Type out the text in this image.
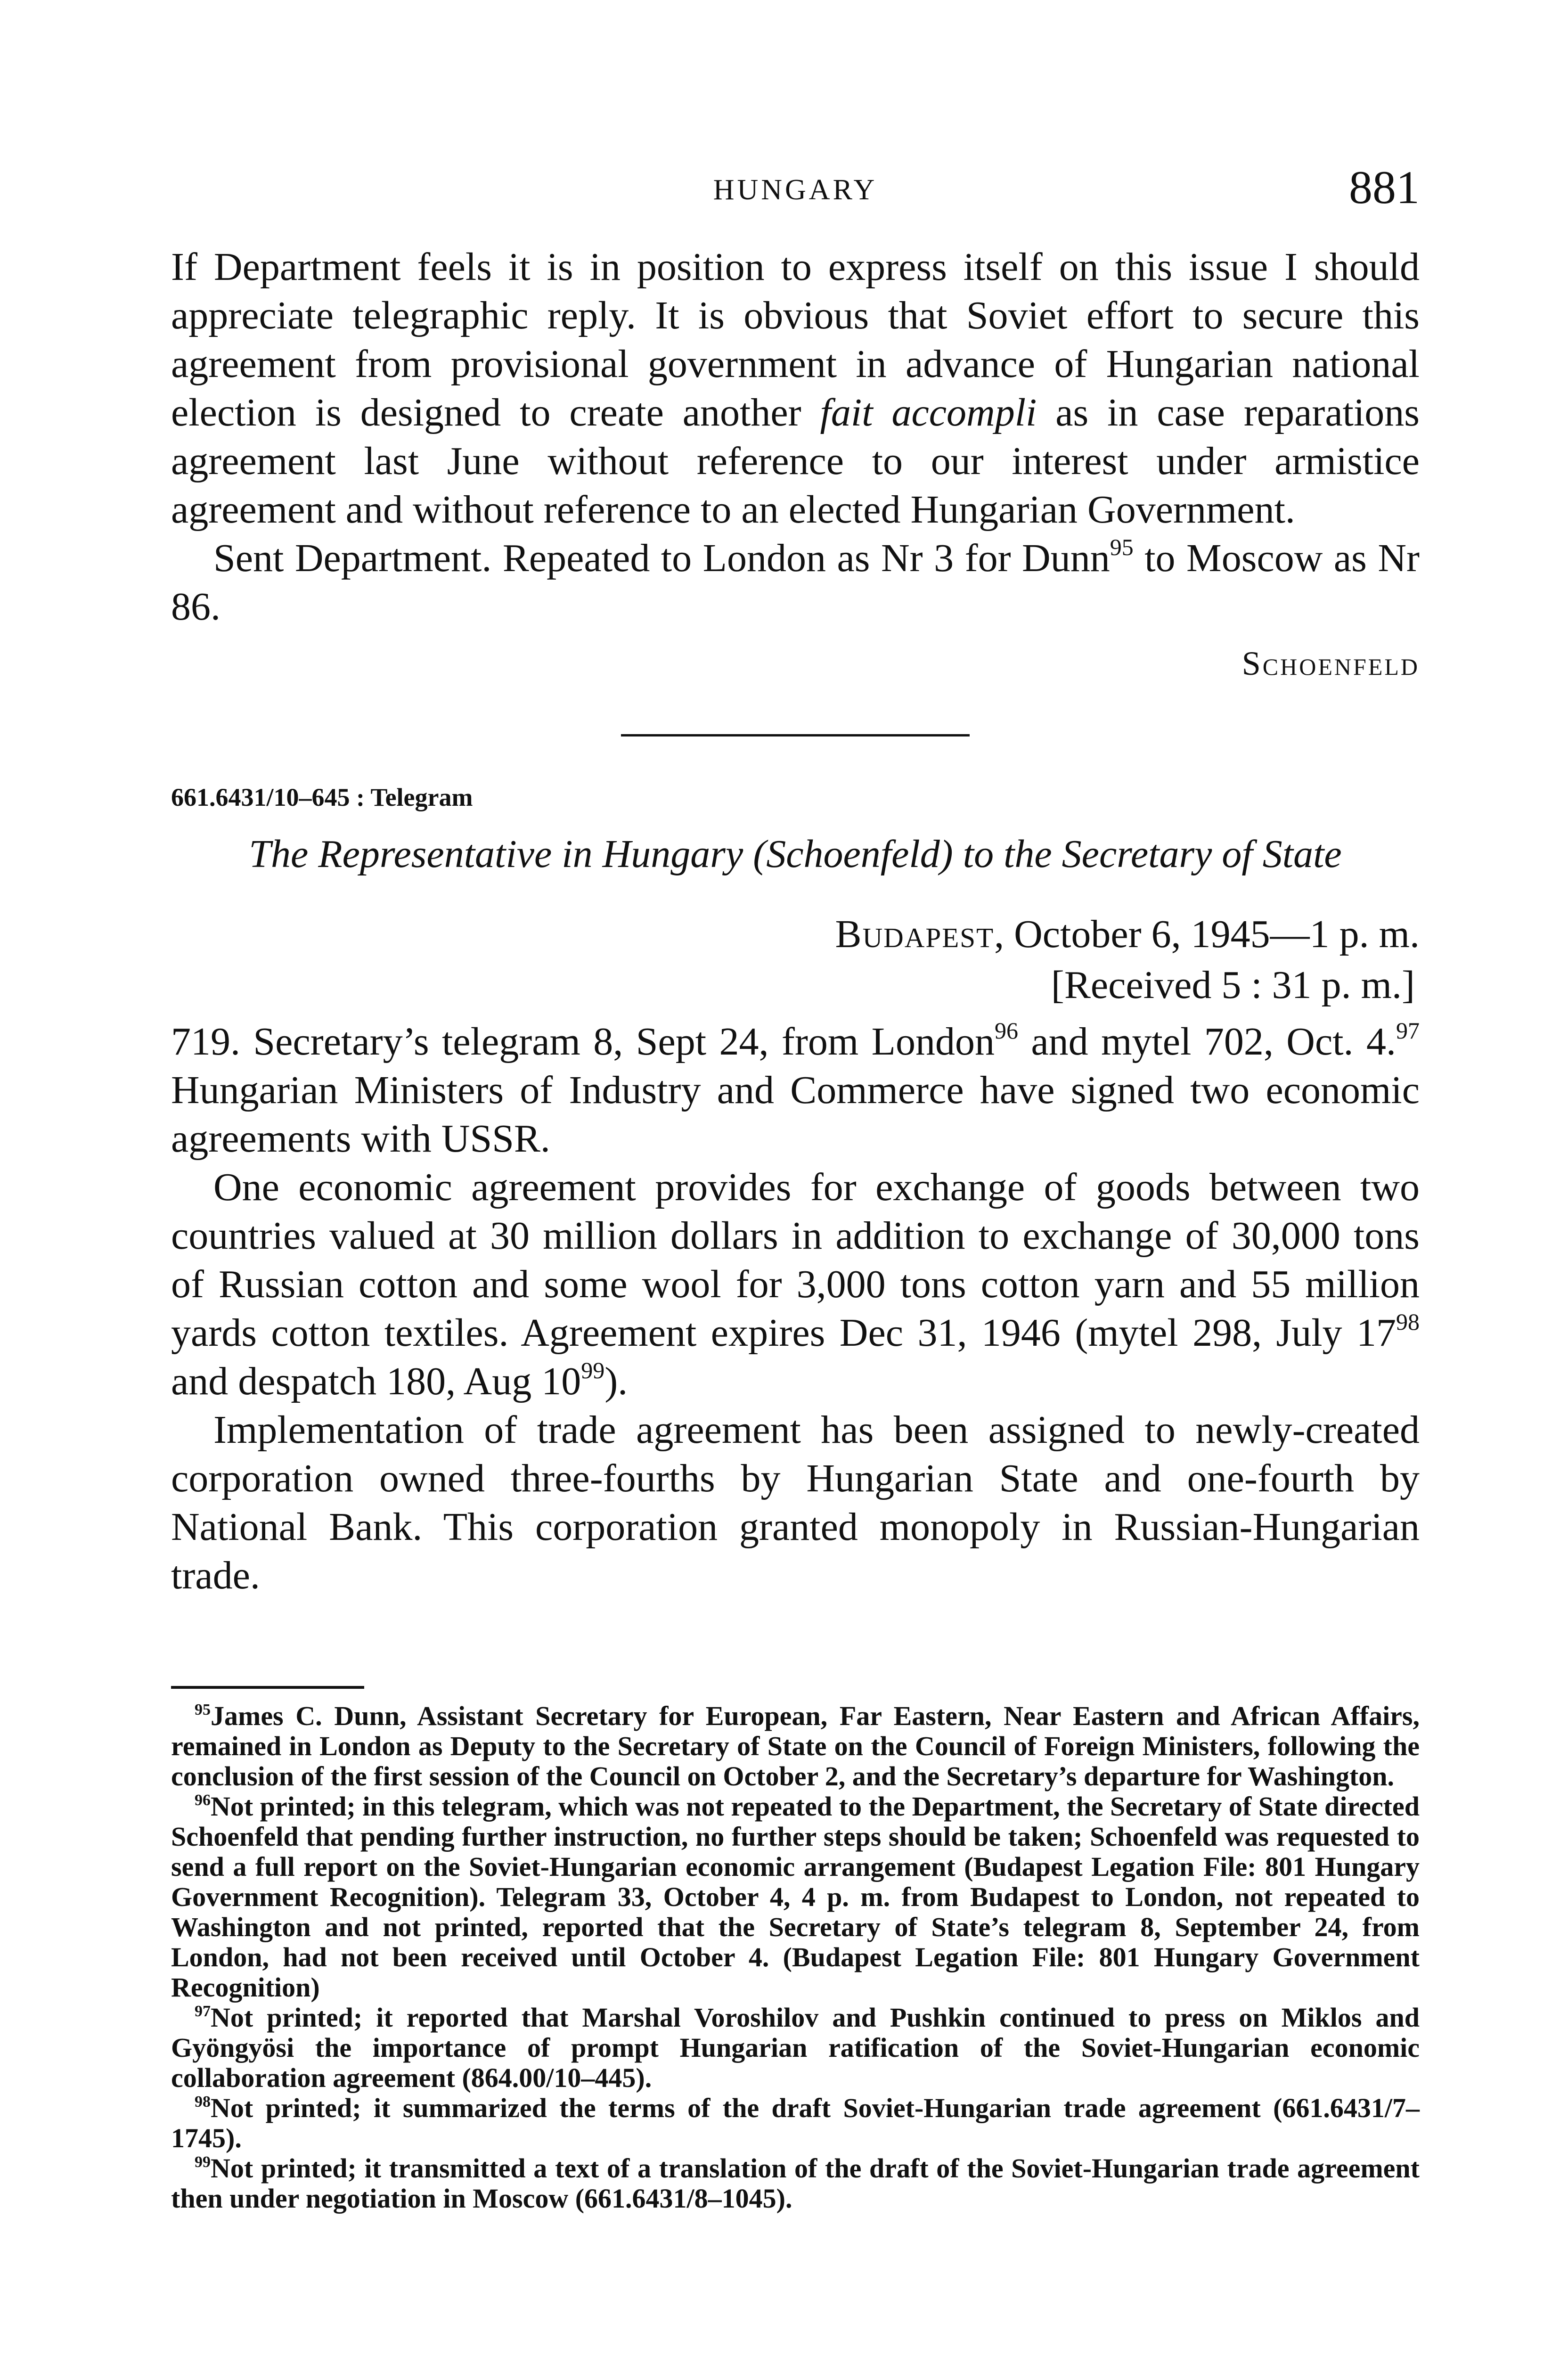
HUNGARY	881

If Department feels it is in position to express itself on this issue I should appreciate telegraphic reply. It is obvious that Soviet effort to secure this agreement from provisional government in advance of Hungarian national election is designed to create another fait accompli as in case reparations agreement last June without reference to our interest under armistice agreement and without reference to an elected Hungarian Government.

Sent Department. Repeated to London as Nr 3 for Dunn$^{95}$ to Moscow as Nr 86.

Schoenfeld
661.6431/10–645 : Telegram
The Representative in Hungary (Schoenfeld) to the Secretary of State
Budapest, October 6, 1945—1 p. m.
[Received 5 : 31 p. m.]

719. Secretary’s telegram 8, Sept 24, from London$^{96}$ and mytel 702, Oct. 4.97 Hungarian Ministers of Industry and Commerce have signed two economic agreements with USSR.

One economic agreement provides for exchange of goods between two countries valued at 30 million dollars in addition to exchange of 30,000 tons of Russian cotton and some wool for 3,000 tons cotton yarn and 55 million yards cotton textiles. Agreement expires Dec 31, 1946 (mytel 298, July $17^{98}$ and despatch 180, Aug $10^{99}$).

Implementation of trade agreement has been assigned to newly-created corporation owned three-fourths by Hungarian State and one-fourth by National Bank. This corporation granted monopoly in Russian-Hungarian trade.

$^{95}$James C. Dunn, Assistant Secretary for European, Far Eastern, Near Eastern and African Affairs, remained in London as Deputy to the Secretary of State on the Council of Foreign Ministers, following the conclusion of the first session of the Council on October 2, and the Secretary’s departure for Washington.

$^{96}$Not printed; in this telegram, which was not repeated to the Department, the Secretary of State directed Schoenfeld that pending further instruction, no further steps should be taken; Schoenfeld was requested to send a full report on the Soviet-Hungarian economic arrangement (Budapest Legation File: 801 Hungary Government Recognition). Telegram 33, October 4, 4 p. m. from Budapest to London, not repeated to Washington and not printed, reported that the Secretary of State’s telegram 8, September 24, from London, had not been received until October 4. (Budapest Legation File: 801 Hungary Government Recognition)

$^{97}$Not printed; it reported that Marshal Voroshilov and Pushkin continued to press on Miklos and Gyöngyösi the importance of prompt Hungarian ratification of the Soviet-Hungarian economic collaboration agreement (864.00/10–445).

$^{98}$Not printed; it summarized the terms of the draft Soviet-Hungarian trade agreement (661.6431/7–1745).

$^{99}$Not printed; it transmitted a text of a translation of the draft of the Soviet-Hungarian trade agreement then under negotiation in Moscow (661.6431/8–1045).
